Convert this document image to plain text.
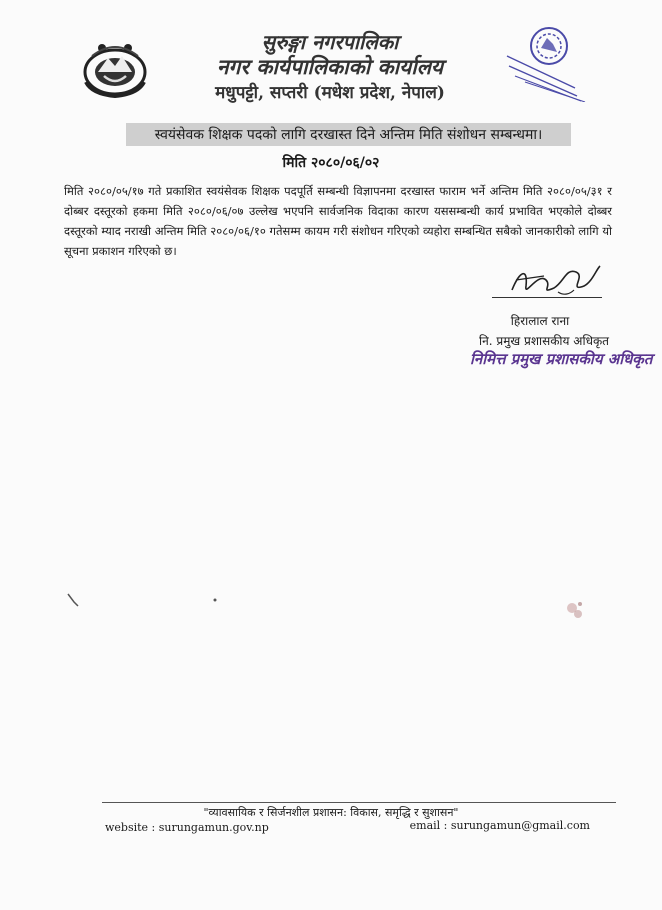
सुरुङ्गा नगरपालिका
नगर कार्यपालिकाको कार्यालय
मधुपट्टी, सप्तरी (मधेश प्रदेश, नेपाल)
स्वयंसेवक शिक्षक पदको लागि दरखास्त दिने अन्तिम मिति संशोधन सम्बन्धमा।
मिति २०८०/०६/०२
मिति २०८०/०५/१७ गते प्रकाशित स्वयंसेवक शिक्षक पदपूर्ति सम्बन्धी विज्ञापनमा दरखास्त फाराम भर्ने अन्तिम मिति २०८०/०५/३१ र दोब्बर दस्तूरको हकमा मिति २०८०/०६/०७ उल्लेख भएपनि सार्वजनिक विदाका कारण यससम्बन्धी कार्य प्रभावित भएकोले दोब्बर दस्तूरको म्याद नराखी अन्तिम मिति २०८०/०६/१० गतेसम्म कायम गरी संशोधन गरिएको व्यहोरा सम्बन्धित सबैको जानकारीको लागि यो सूचना प्रकाशन गरिएको छ।
हिरालाल राना
नि. प्रमुख प्रशासकीय अधिकृत
निमित्त प्रमुख प्रशासकीय अधिकृत
"व्यावसायिक र सिर्जनशील प्रशासन: विकास, समृद्धि र सुशासन"
website : surungamun.gov.np	email : surungamun@gmail.com
